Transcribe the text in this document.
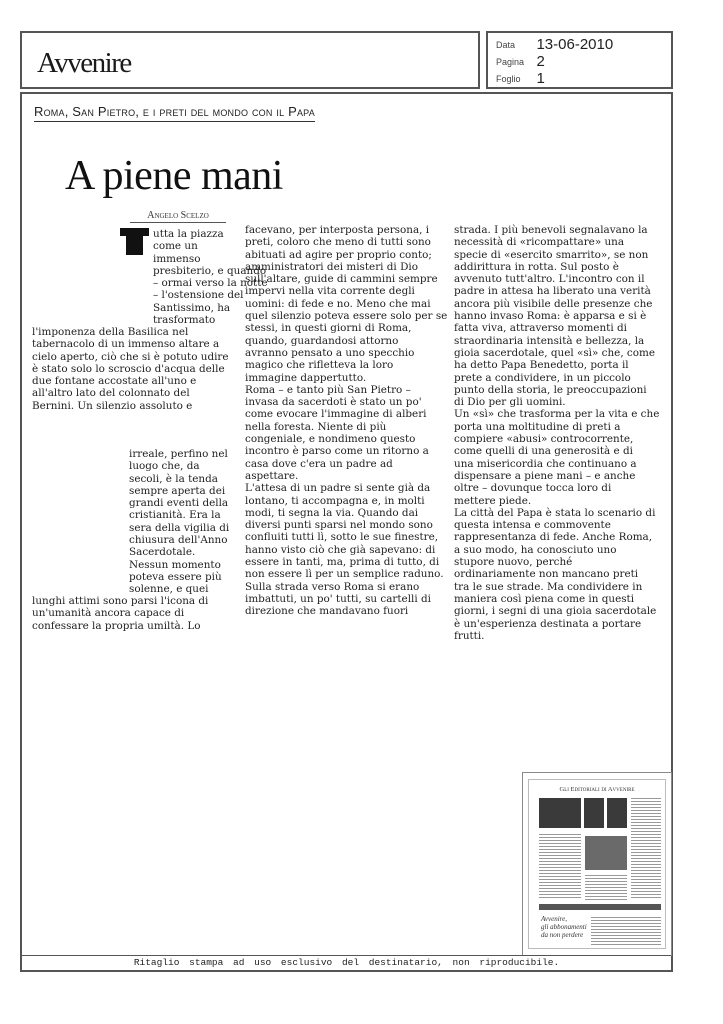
Avvenire
Data 13-06-2010
Pagina 2
Foglio 1
Roma, San Pietro, e i preti del mondo con il Papa
A piene mani
Angelo Scelzo
utta la piazza
come un
immenso
presbiterio, e quando
– ormai verso la notte
– l'ostensione del
Santissimo, ha
trasformato
l'imponenza della Basilica nel
tabernacolo di un immenso altare a
cielo aperto, ciò che si è potuto udire
è stato solo lo scroscio d'acqua delle
due fontane accostate all'uno e
all'altro lato del colonnato del
Bernini. Un silenzio assoluto e
irreale, perfino nel
luogo che, da
secoli, è la tenda
sempre aperta dei
grandi eventi della
cristianità. Era la
sera della vigilia di
chiusura dell'Anno
Sacerdotale.
Nessun momento
poteva essere più
solenne, e quei
lunghi attimi sono parsi l'icona di
un'umanità ancora capace di
confessare la propria umiltà. Lo
facevano, per interposta persona, i
preti, coloro che meno di tutti sono
abituati ad agire per proprio conto;
amministratori dei misteri di Dio
sull'altare, guide di cammini sempre
impervi nella vita corrente degli
uomini: di fede e no. Meno che mai
quel silenzio poteva essere solo per se
stessi, in questi giorni di Roma,
quando, guardandosi attorno
avranno pensato a uno specchio
magico che rifletteva la loro
immagine dappertutto.
Roma – e tanto più San Pietro –
invasa da sacerdoti è stato un po'
come evocare l'immagine di alberi
nella foresta. Niente di più
congeniale, e nondimeno questo
incontro è parso come un ritorno a
casa dove c'era un padre ad
aspettare.
L'attesa di un padre si sente già da
lontano, ti accompagna e, in molti
modi, ti segna la via. Quando dai
diversi punti sparsi nel mondo sono
confluiti tutti lì, sotto le sue finestre,
hanno visto ciò che già sapevano: di
essere in tanti, ma, prima di tutto, di
non essere lì per un semplice raduno.
Sulla strada verso Roma si erano
imbattuti, un po' tutti, su cartelli di
direzione che mandavano fuori
strada. I più benevoli segnalavano la
necessità di «ricompattare» una
specie di «esercito smarrito», se non
addirittura in rotta. Sul posto è
avvenuto tutt'altro. L'incontro con il
padre in attesa ha liberato una verità
ancora più visibile delle presenze che
hanno invaso Roma: è apparsa e si è
fatta viva, attraverso momenti di
straordinaria intensità e bellezza, la
gioia sacerdotale, quel «sì» che, come
ha detto Papa Benedetto, porta il
prete a condividere, in un piccolo
punto della storia, le preoccupazioni
di Dio per gli uomini.
Un «sì» che trasforma per la vita e che
porta una moltitudine di preti a
compiere «abusi» controcorrente,
come quelli di una generosità e di
una misericordia che continuano a
dispensare a piene mani – e anche
oltre – dovunque tocca loro di
mettere piede.
La città del Papa è stata lo scenario di
questa intensa e commovente
rappresentanza di fede. Anche Roma,
a suo modo, ha conosciuto uno
stupore nuovo, perché
ordinariamente non mancano preti
tra le sue strade. Ma condividere in
maniera così piena come in questi
giorni, i segni di una gioia sacerdotale
è un'esperienza destinata a portare
frutti.
Gli Editoriali di Avvenire
Avvenire,
gli abbonamenti
da non perdere
Ritaglio stampa ad uso esclusivo del destinatario, non riproducibile.
